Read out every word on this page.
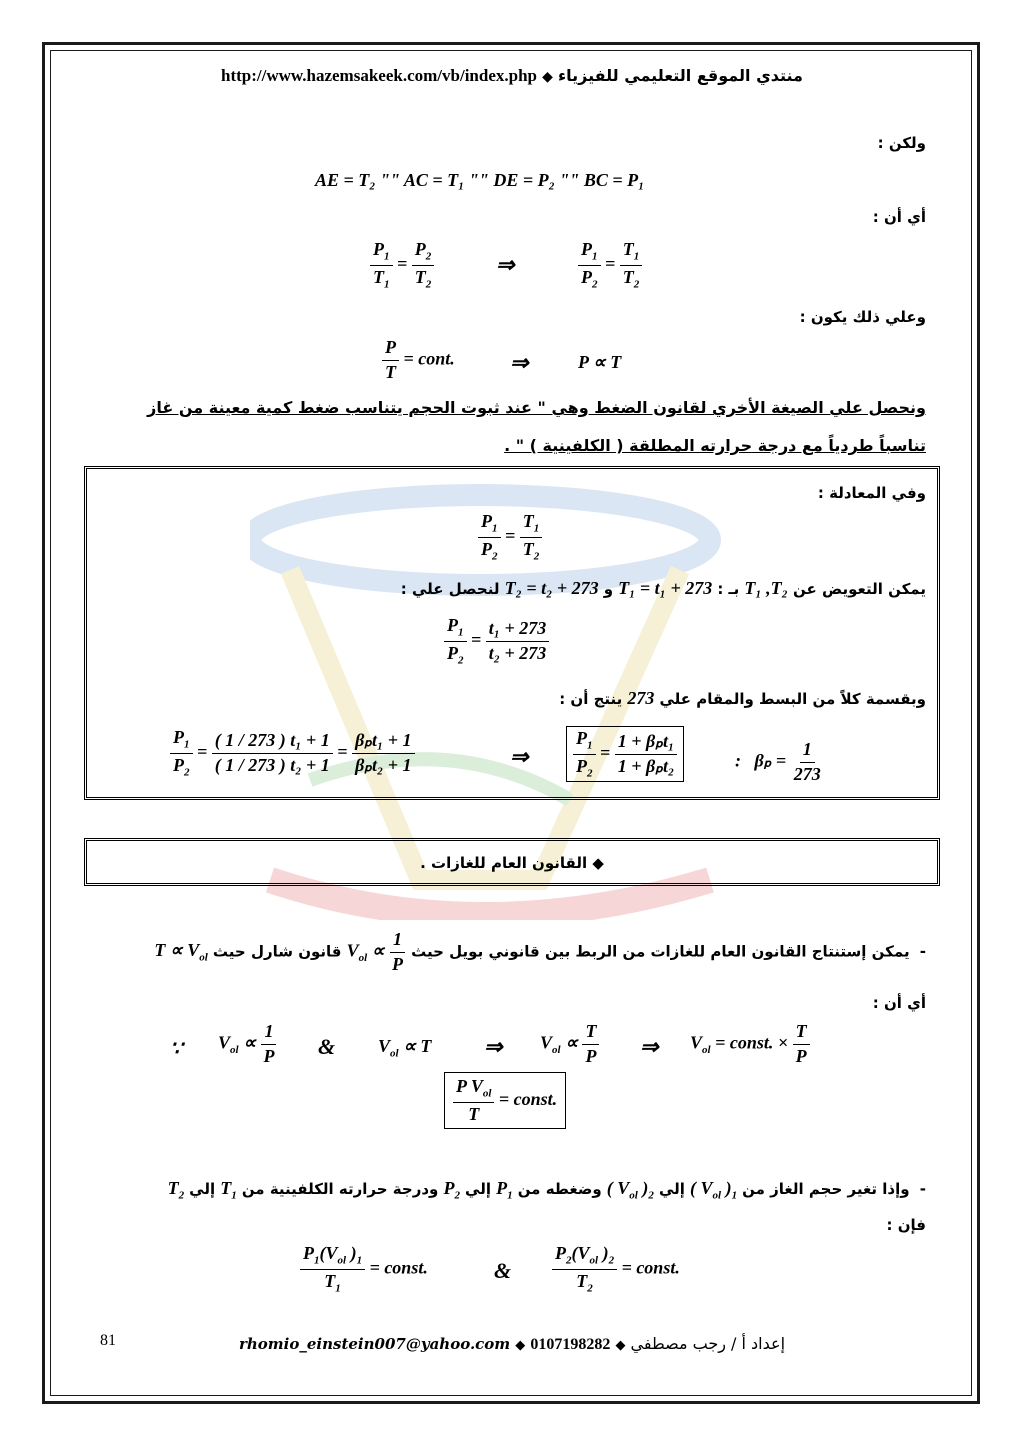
http://www.hazemsakeek.com/vb/index.php ◆ منتدي الموقع التعليمي للفيزياء
ولكن :
AE = T₂ "" AC = T₁ "" DE = P₂ "" BC = P₁
أي أن :
$\frac{P_1}{T_1} = \frac{P_2}{T_2}$	⇒	$\frac{P_1}{P_2} = \frac{T_1}{T_2}$
وعلي ذلك يكون :
$\frac{P}{T}$ = cont.	⇒	P ∝ T
ونحصل علي الصيغة الأخري لقانون الضغط وهي " عند ثبوت الحجم يتناسب ضغط كمية معينة من غاز
تناسباً طردياً مع درجة حرارته المطلقة ( الكلفينية ) " .
وفي المعادلة :
$\frac{P_1}{P_2} = \frac{T_1}{T_2}$
يمكن التعويض عن T₁ ,T₂ بـ : T₁ = t₁ + 273 و T₂ = t₂ + 273 لنحصل علي :
$\frac{P_1}{P_2} = \frac{\text{t₁ + 273}}{\text{t₂ + 273}}$
وبقسمة كلاً من البسط والمقام علي 273 ينتج أن :
$\frac{P_1}{P_2} = \frac{\text{( 1 / 273 ) t₁ + 1}}{\text{( 1 / 273 ) t₂ + 1}} = \frac{\text{βₚt₁ + 1}}{\text{βₚt₂ + 1}}$	⇒ $\frac{P_1}{P_2} = \frac{\text{1 + βₚt₁}}{\text{1 + βₚt₂}}$	: $\beta_p = \frac{1}{273}$
◆ القانون العام للغازات .
-  يمكن إستنتاج القانون العام للغازات من الربط بين قانوني بويل حيث $V_{ol} \propto \frac{1}{P}$
قانون شارل حيث $T \propto V_{ol}$
أي أن :
∵ $V_{ol} \propto \frac{1}{P}$ & $V_{ol} \propto T$ ⇒ $V_{ol} \propto \frac{T}{P}$ ⇒ $V_{ol}$ = const. × $\frac{T}{P}$
$\frac{P V_{ol}}{T}$ = const.
-  وإذا تغير حجم الغاز من ( $V_{ol}$ )$_1$ إلي ( $V_{ol}$ )$_2$ وضغطه من $P_1$ إلي $P_2$ ودرجة حرارته الكلفينية من $T_1$ إلي $T_2$
فإن :
$\frac{P_1(V_{ol} )_1}{T_1}$ = const.	& $\frac{P_2(V_{ol} )_2}{T_2}$ = const.
81	rhomio_einstein007@yahoo.com ◆ 0107198282 ◆ إعداد أ / رجب مصطفي
